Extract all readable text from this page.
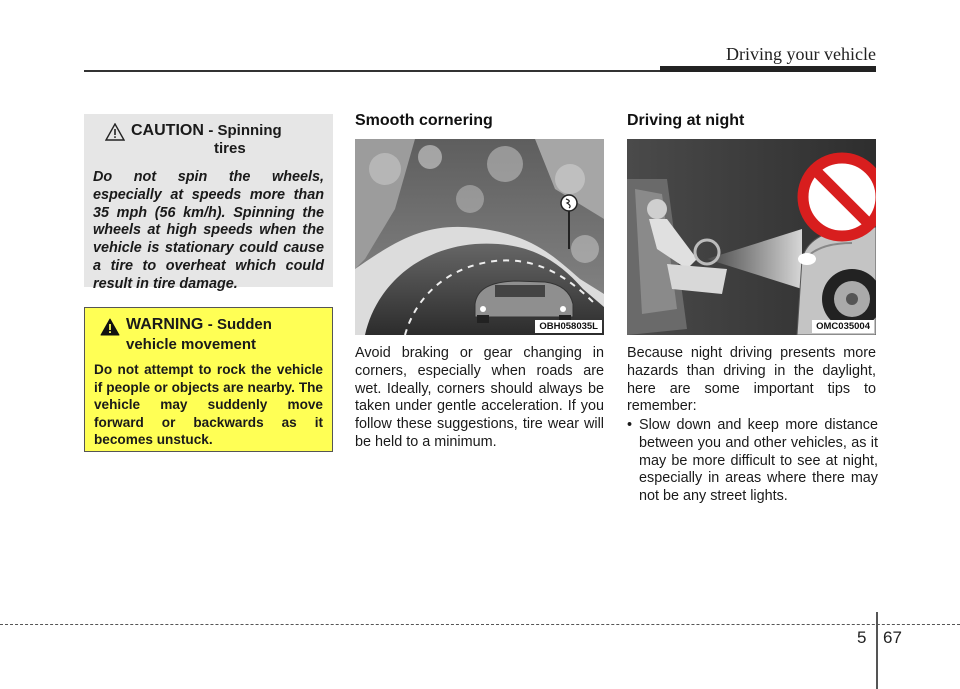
Driving your vehicle
CAUTION - Spinning
tires
Do not spin the wheels, especially at speeds more than 35 mph (56 km/h). Spinning the wheels at high speeds when the vehicle is stationary could cause a tire to overheat which could result in tire damage.
WARNING - Sudden
vehicle movement
Do not attempt to rock the vehicle if people or objects are nearby. The vehicle may suddenly move forward or backwards as it becomes unstuck.
Smooth cornering
OBH058035L
Avoid braking or gear changing in corners, especially when roads are wet. Ideally, corners should always be taken under gentle acceleration. If you follow these suggestions, tire wear will be held to a minimum.
Driving at night
OMC035004
Because night driving presents more hazards than driving in the daylight, here are some important tips to remember:
• Slow down and keep more distance between you and other vehicles, as it may be more difficult to see at night, especially in areas where there may not be any street lights.
5 67
